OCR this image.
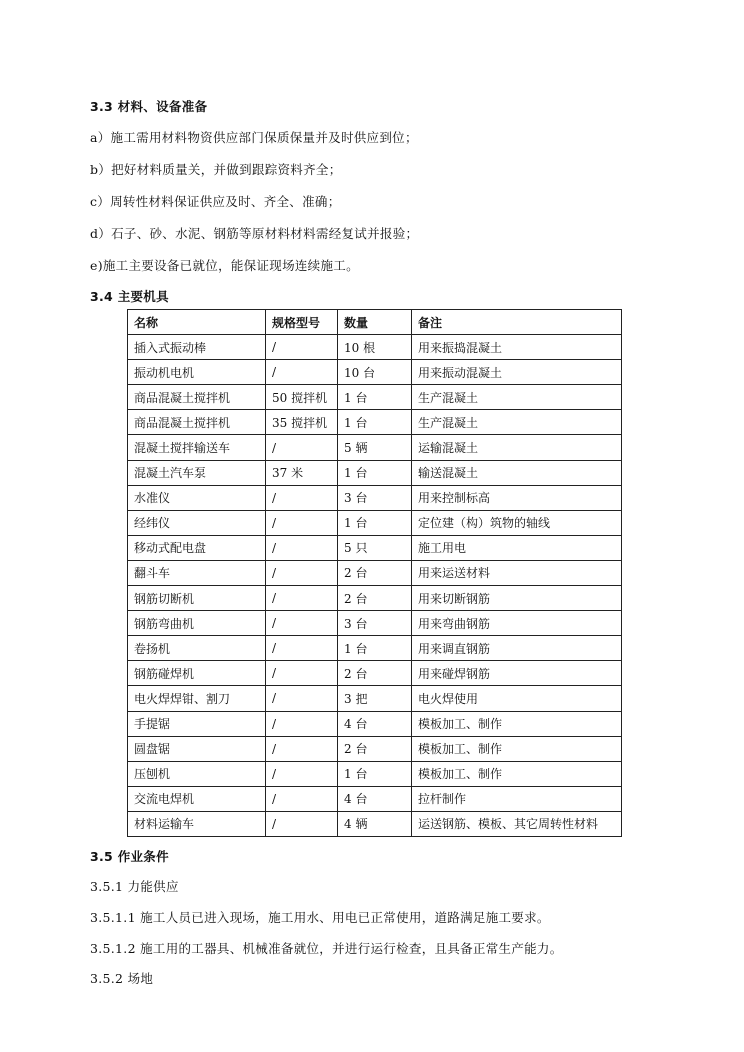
3.3 材料、设备准备
a）施工需用材料物资供应部门保质保量并及时供应到位；
b）把好材料质量关，并做到跟踪资料齐全；
c）周转性材料保证供应及时、齐全、准确；
d）石子、砂、水泥、钢筋等原材料材料需经复试并报验；
e)施工主要设备已就位，能保证现场连续施工。
3.4 主要机具
名称	规格型号	数量	备注
插入式振动棒	/	10 根	用来振捣混凝土
振动机电机	/	10 台	用来振动混凝土
商品混凝土搅拌机	50 搅拌机	1 台	生产混凝土
商品混凝土搅拌机	35 搅拌机	1 台	生产混凝土
混凝土搅拌输送车	/	5 辆	运输混凝土
混凝土汽车泵	37 米	1 台	输送混凝土
水准仪	/	3 台	用来控制标高
经纬仪	/	1 台	定位建（构）筑物的轴线
移动式配电盘	/	5 只	施工用电
翻斗车	/	2 台	用来运送材料
钢筋切断机	/	2 台	用来切断钢筋
钢筋弯曲机	/	3 台	用来弯曲钢筋
卷扬机	/	1 台	用来调直钢筋
钢筋碰焊机	/	2 台	用来碰焊钢筋
电火焊焊钳、割刀	/	3 把	电火焊使用
手提锯	/	4 台	模板加工、制作
圆盘锯	/	2 台	模板加工、制作
压刨机	/	1 台	模板加工、制作
交流电焊机	/	4 台	拉杆制作
材料运输车	/	4 辆	运送钢筋、模板、其它周转性材料
3.5 作业条件
3.5.1 力能供应
3.5.1.1 施工人员已进入现场，施工用水、用电已正常使用，道路满足施工要求。
3.5.1.2 施工用的工器具、机械准备就位，并进行运行检查，且具备正常生产能力。
3.5.2 场地
